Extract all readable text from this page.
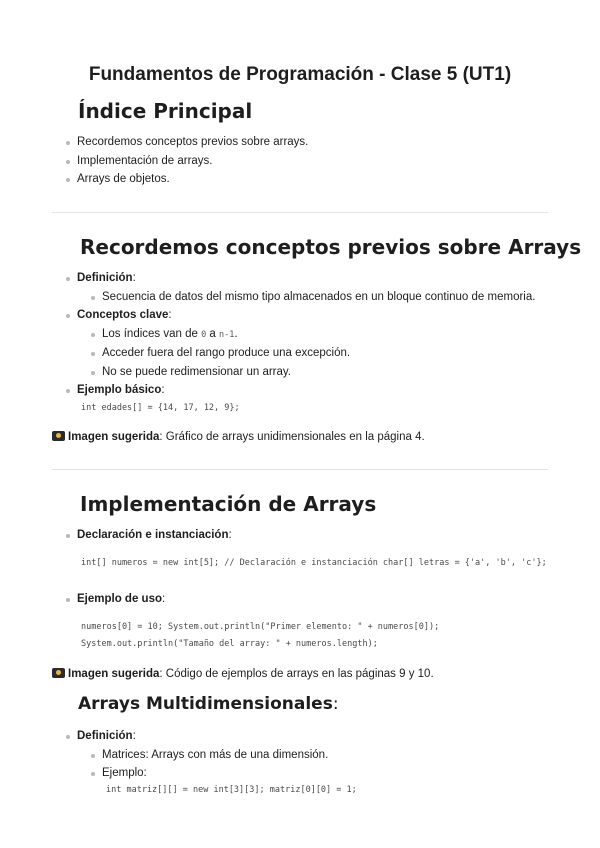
Fundamentos de Programación - Clase 5 (UT1)
Índice Principal
Recordemos conceptos previos sobre arrays.
Implementación de arrays.
Arrays de objetos.
Recordemos conceptos previos sobre Arrays
Definición:
Secuencia de datos del mismo tipo almacenados en un bloque continuo de memoria.
Conceptos clave:
Los índices van de 0 a n-1.
Acceder fuera del rango produce una excepción.
No se puede redimensionar un array.
Ejemplo básico:
int edades[] = {14, 17, 12, 9};
Imagen sugerida: Gráfico de arrays unidimensionales en la página 4.
Implementación de Arrays
Declaración e instanciación:
int[] numeros = new int[5]; // Declaración e instanciación char[] letras = {'a', 'b', 'c'};
Ejemplo de uso:
numeros[0] = 10; System.out.println("Primer elemento: " + numeros[0]);
System.out.println("Tamaño del array: " + numeros.length);
Imagen sugerida: Código de ejemplos de arrays en las páginas 9 y 10.
Arrays Multidimensionales:
Definición:
Matrices: Arrays con más de una dimensión.
Ejemplo:
int matriz[][] = new int[3][3]; matriz[0][0] = 1;
